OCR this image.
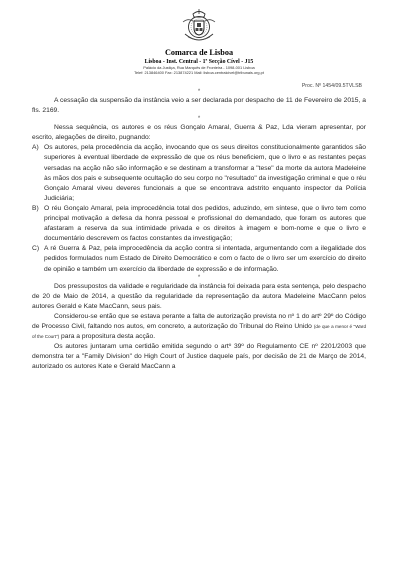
Comarca de Lisboa
Lisboa - Inst. Central - 1ª Secção Cível - J15
Palácio da Justiça, Rua Marquês de Fronteira - 1098-001 Lisboa
Telef: 213846400 Fax: 213874221 Mail: lisboa.centralcivel@tribunais.org.pt
Proc. Nº 1454/09.5TVLSB
*

A cessação da suspensão da instância veio a ser declarada por despacho de 11 de Fevereiro de 2015, a fls. 2169.

*

Nessa sequência, os autores e os réus Gonçalo Amaral, Guerra & Paz, Lda vieram apresentar, por escrito, alegações de direito, pugnando:

A) Os autores, pela procedência da acção, invocando que os seus direitos constitucionalmente garantidos são superiores à eventual liberdade de expressão de que os réus beneficiem, que o livro e as restantes peças versadas na acção não são informação e se destinam a transformar a "tese" da morte da autora Madeleine às mãos dos pais e subsequente ocultação do seu corpo no "resultado" da investigação criminal e que o réu Gonçalo Amaral viveu deveres funcionais a que se encontrava adstrito enquanto inspector da Polícia Judiciária;
B) O réu Gonçalo Amaral, pela improcedência total dos pedidos, aduzindo, em síntese, que o livro tem como principal motivação a defesa da honra pessoal e profissional do demandado, que foram os autores que afastaram a reserva da sua intimidade privada e os direitos à imagem e bom-nome e que o livro e documentário descrevem os factos constantes da investigação;
C) A ré Guerra & Paz, pela improcedência da acção contra si intentada, argumentando com a ilegalidade dos pedidos formulados num Estado de Direito Democrático e com o facto de o livro ser um exercício do direito de opinião e também um exercício da liberdade de expressão e de informação.
*

Dos pressupostos da validade e regularidade da instância foi deixada para esta sentença, pelo despacho de 20 de Maio de 2014, a questão da regularidade da representação da autora Madeleine MacCann pelos autores Gerald e Kate MacCann, seus pais.

Considerou-se então que se estava perante a falta de autorização prevista no nº 1 do artº 29º do Código de Processo Civil, faltando nos autos, em concreto, a autorização do Tribunal do Reino Unido (de que a menor é "Ward of the Court") para a propositura desta acção.

Os autores juntaram uma certidão emitida segundo o artº 39º do Regulamento CE nº 2201/2003 que demonstra ter a "Family Division" do High Court of Justice daquele país, por decisão de 21 de Março de 2014, autorizado os autores Kate e Gerald MacCann a
